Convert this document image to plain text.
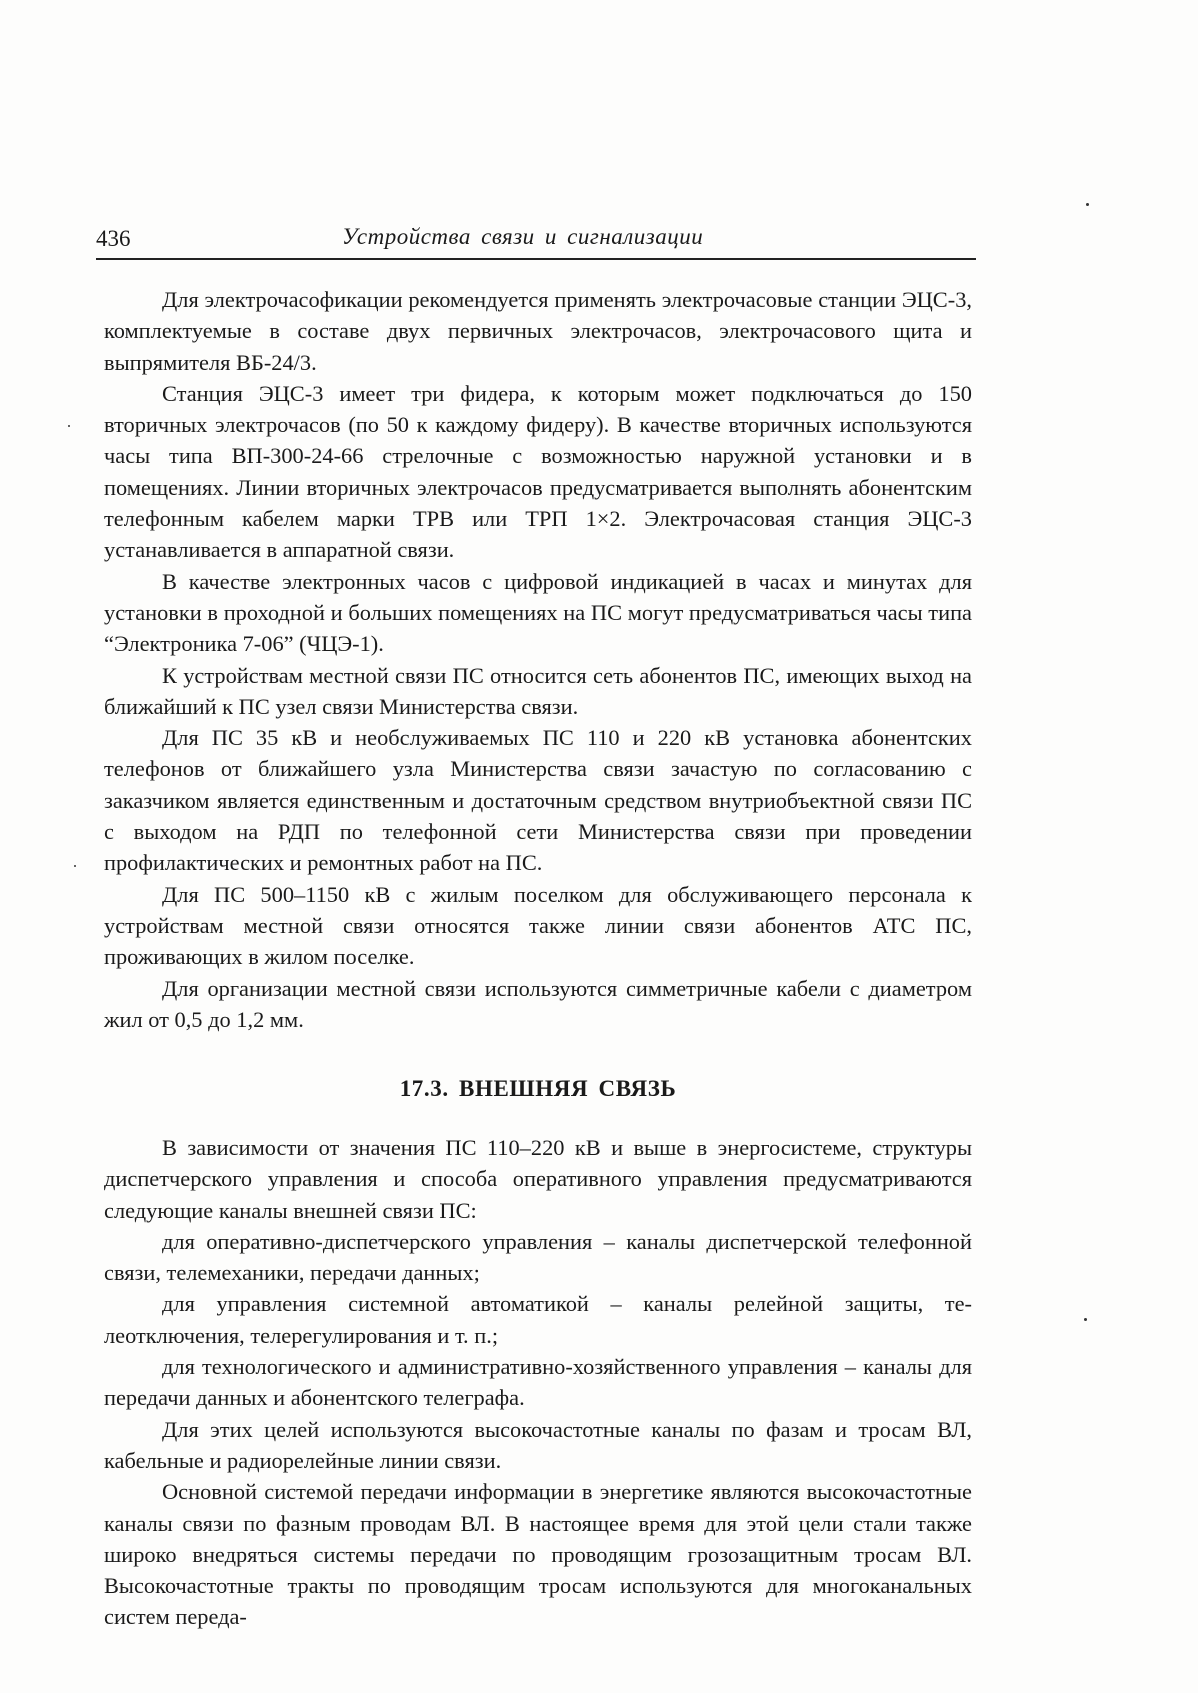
436	Устройства связи и сигнализации

Для электрочасофикации рекомендуется применять электрочасовые станции ЭЦС-3, комплектуемые в составе двух первичных электрочасов, электрочасового щита и выпрямителя ВБ-24/3.

Станция ЭЦС-3 имеет три фидера, к которым может подключаться до 150 вторичных электрочасов (по 50 к каждому фидеру). В качестве вторичных используются часы типа ВП-300-24-66 стрелочные с возможностью наружной установки и в помещениях. Линии вторичных электрочасов предусматривается выполнять абонентским телефонным кабелем марки ТРВ или ТРП 1×2. Электрочасовая станция ЭЦС-3 устанавливается в аппаратной связи.

В качестве электронных часов с цифровой индикацией в часах и минутах для установки в проходной и больших помещениях на ПС могут предусматриваться часы типа “Электроника 7-06” (ЧЦЭ-1).

К устройствам местной связи ПС относится сеть абонентов ПС, имеющих выход на ближайший к ПС узел связи Министерства связи.

Для ПС 35 кВ и необслуживаемых ПС 110 и 220 кВ установка абонентских телефонов от ближайшего узла Министерства связи зачастую по согласованию с заказчиком является единственным и достаточным средством внутриобъектной связи ПС с выходом на РДП по телефонной сети Министерства связи при проведении профилактических и ремонтных работ на ПС.

Для ПС 500–1150 кВ с жилым поселком для обслуживающего персонала к устройствам местной связи относятся также линии связи абонентов АТС ПС, проживающих в жилом поселке.

Для организации местной связи используются симметричные кабели с диаметром жил от 0,5 до 1,2 мм.

17.3. ВНЕШНЯЯ СВЯЗЬ

В зависимости от значения ПС 110–220 кВ и выше в энергосистеме, структуры диспетчерского управления и способа оперативного управления предусматриваются следующие каналы внешней связи ПС:

для оперативно-диспетчерского управления – каналы диспетчерской телефонной связи, телемеханики, передачи данных;

для управления системной автоматикой – каналы релейной защиты, телеотключения, телерегулирования и т. п.;

для технологического и административно-хозяйственного управления – каналы для передачи данных и абонентского телеграфа.

Для этих целей используются высокочастотные каналы по фазам и тросам ВЛ, кабельные и радиорелейные линии связи.

Основной системой передачи информации в энергетике являются высокочастотные каналы связи по фазным проводам ВЛ. В настоящее время для этой цели стали также широко внедряться системы передачи по проводящим грозозащитным тросам ВЛ. Высокочастотные тракты по проводящим тросам используются для многоканальных систем переда-
